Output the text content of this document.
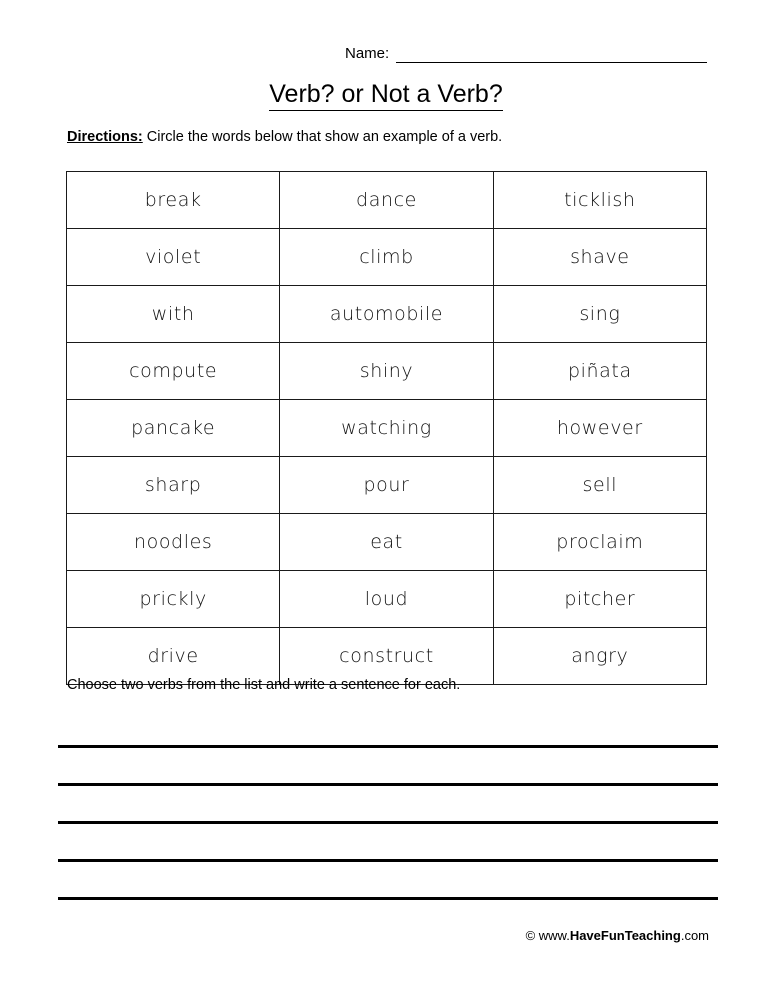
Name:
Verb? or Not a Verb?
Directions: Circle the words below that show an example of a verb.
break	dance	ticklish
violet	climb	shave
with	automobile	sing
compute	shiny	piñata
pancake	watching	however
sharp	pour	sell
noodles	eat	proclaim
prickly	loud	pitcher
drive	construct	angry
Choose two verbs from the list and write a sentence for each.
© www.HaveFunTeaching.com
